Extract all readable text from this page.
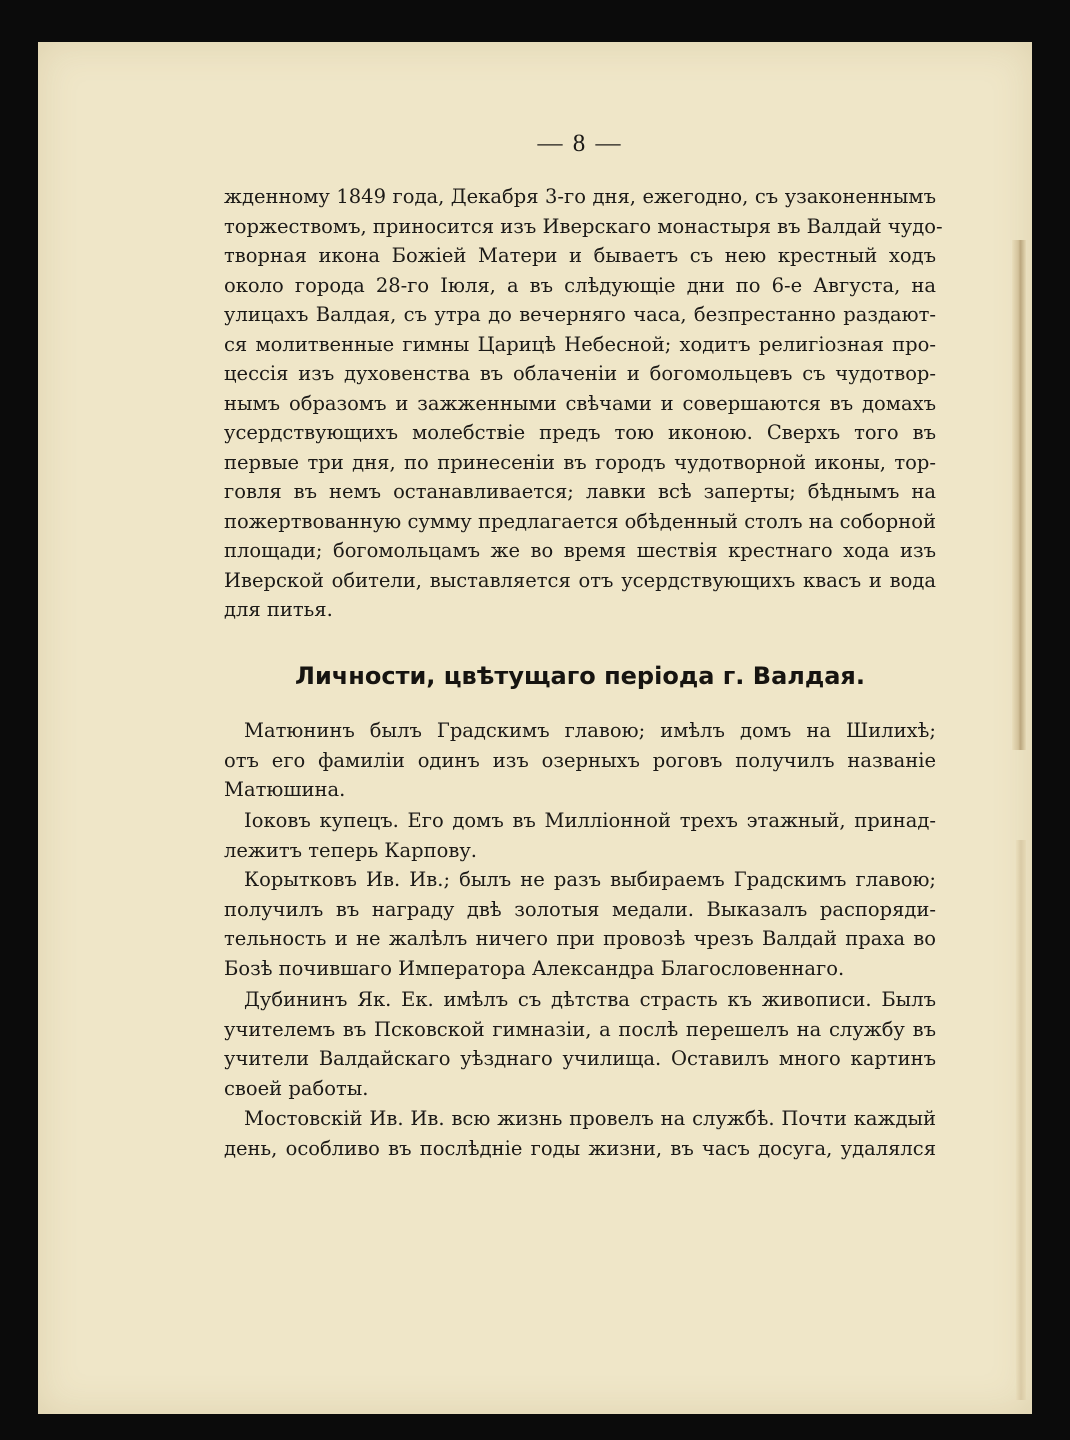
— 8 —
жденному 1849 года, Декабря 3-го дня, ежегодно, съ узаконеннымъ
торжествомъ, приносится изъ Иверскаго монастыря въ Валдай чудо-
творная икона Божіей Матери и бываетъ съ нею крестный ходъ
около города 28-го Іюля, а въ слѣдующіе дни по 6-е Августа, на
улицахъ Валдая, съ утра до вечерняго часа, безпрестанно раздают-
ся молитвенные гимны Царицѣ Небесной; ходитъ религіозная про-
цессія изъ духовенства въ облаченіи и богомольцевъ съ чудотвор-
нымъ образомъ и зажженными свѣчами и совершаются въ домахъ
усердствующихъ молебствіе предъ тою иконою. Сверхъ того въ
первые три дня, по принесеніи въ городъ чудотворной иконы, тор-
говля въ немъ останавливается; лавки всѣ заперты; бѣднымъ на
пожертвованную сумму предлагается обѣденный столъ на соборной
площади; богомольцамъ же во время шествія крестнаго хода изъ
Иверской обители, выставляется отъ усердствующихъ квасъ и вода
для питья.
Личности, цвѣтущаго періода г. Валдая.
Матюнинъ былъ Градскимъ главою; имѣлъ домъ на Шилихѣ;
отъ его фамиліи одинъ изъ озерныхъ роговъ получилъ названіе
Матюшина.
Іоковъ купецъ. Его домъ въ Милліонной трехъ этажный, принад-
лежитъ теперь Карпову.
Корытковъ Ив. Ив.; былъ не разъ выбираемъ Градскимъ главою;
получилъ въ награду двѣ золотыя медали. Выказалъ распоряди-
тельность и не жалѣлъ ничего при провозѣ чрезъ Валдай праха во
Бозѣ почившаго Императора Александра Благословеннаго.
Дубининъ Як. Ек. имѣлъ съ дѣтства страсть къ живописи. Былъ
учителемъ въ Псковской гимназіи, а послѣ перешелъ на службу въ
учители Валдайскаго уѣзднаго училища. Оставилъ много картинъ
своей работы.
Мостовскій Ив. Ив. всю жизнь провелъ на службѣ. Почти каждый
день, особливо въ послѣдніе годы жизни, въ часъ досуга, удалялся
